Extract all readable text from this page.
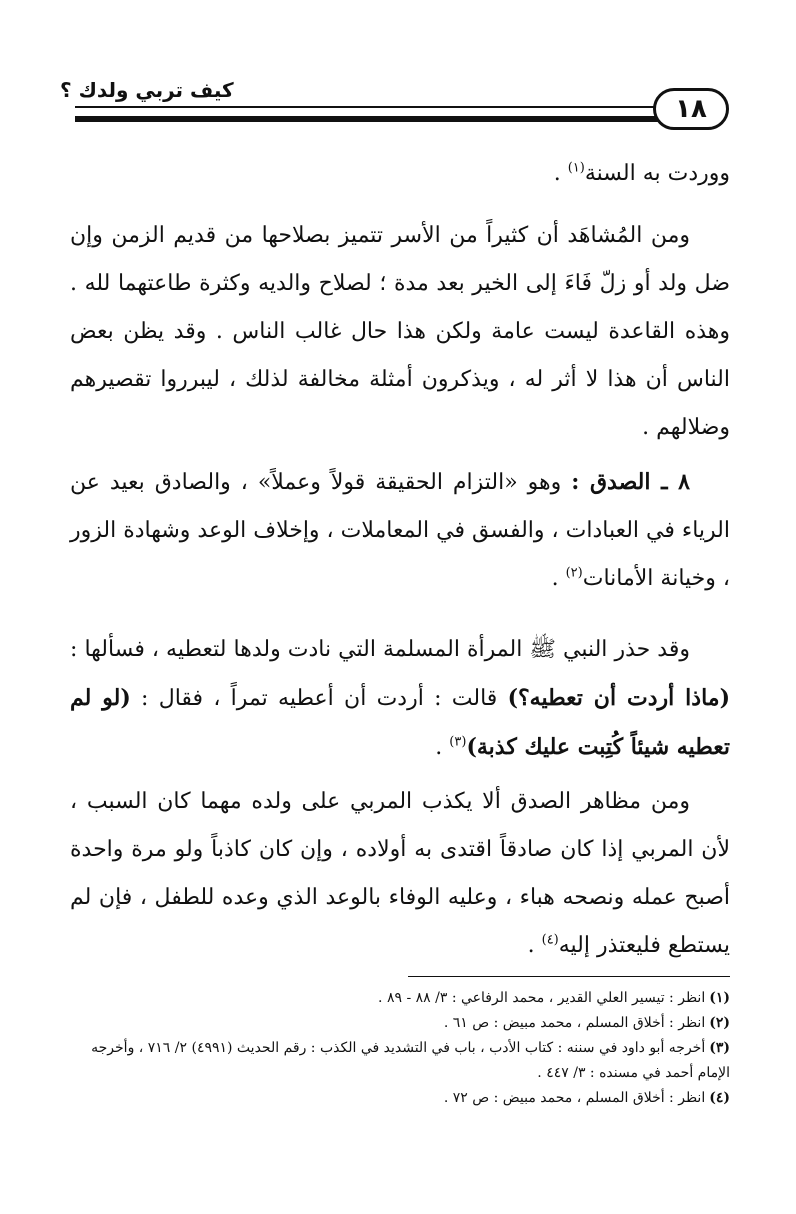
كيف تربي ولدك ؟
١٨

ووردت به السنة$^{(١)}$ .

ومن المُشاهَد أن كثيراً من الأسر تتميز بصلاحها من قديم الزمن وإن ضل ولد أو زلّ فَاءَ إلى الخير بعد مدة ؛ لصلاح والديه وكثرة طاعتهما لله . وهذه القاعدة ليست عامة ولكن هذا حال غالب الناس . وقد يظن بعض الناس أن هذا لا أثر له ، ويذكرون أمثلة مخالفة لذلك ، ليبرروا تقصيرهم وضلالهم .

٨ ـ الصدق : وهو «التزام الحقيقة قولاً وعملاً» ، والصادق بعيد عن الرياء في العبادات ، والفسق في المعاملات ، وإخلاف الوعد وشهادة الزور ، وخيانة الأمانات$^{(٢)}$ .

وقد حذر النبي ﷺ المرأة المسلمة التي نادت ولدها لتعطيه ، فسألها : (ماذا أردت أن تعطيه؟) قالت : أردت أن أعطيه تمراً ، فقال : (لو لم تعطيه شيئاً كُتِبت عليك كذبة)$^{(٣)}$ .

ومن مظاهر الصدق ألا يكذب المربي على ولده مهما كان السبب ، لأن المربي إذا كان صادقاً اقتدى به أولاده ، وإن كان كاذباً ولو مرة واحدة أصبح عمله ونصحه هباء ، وعليه الوفاء بالوعد الذي وعده للطفل ، فإن لم يستطع فليعتذر إليه$^{(٤)}$ .

(١)انظر : تيسير العلي القدير ، محمد الرفاعي : ٣/ ٨٨ - ٨٩ .

(٢)انظر : أخلاق المسلم ، محمد مبيض : ص ٦١ .

(٣)أخرجه أبو داود في سننه : كتاب الأدب ، باب في التشديد في الكذب : رقم الحديث (٤٩٩١) ٢/ ٧١٦ ، وأخرجه الإمام أحمد في مسنده : ٣/ ٤٤٧ .

(٤)انظر : أخلاق المسلم ، محمد مبيض : ص ٧٢ .
